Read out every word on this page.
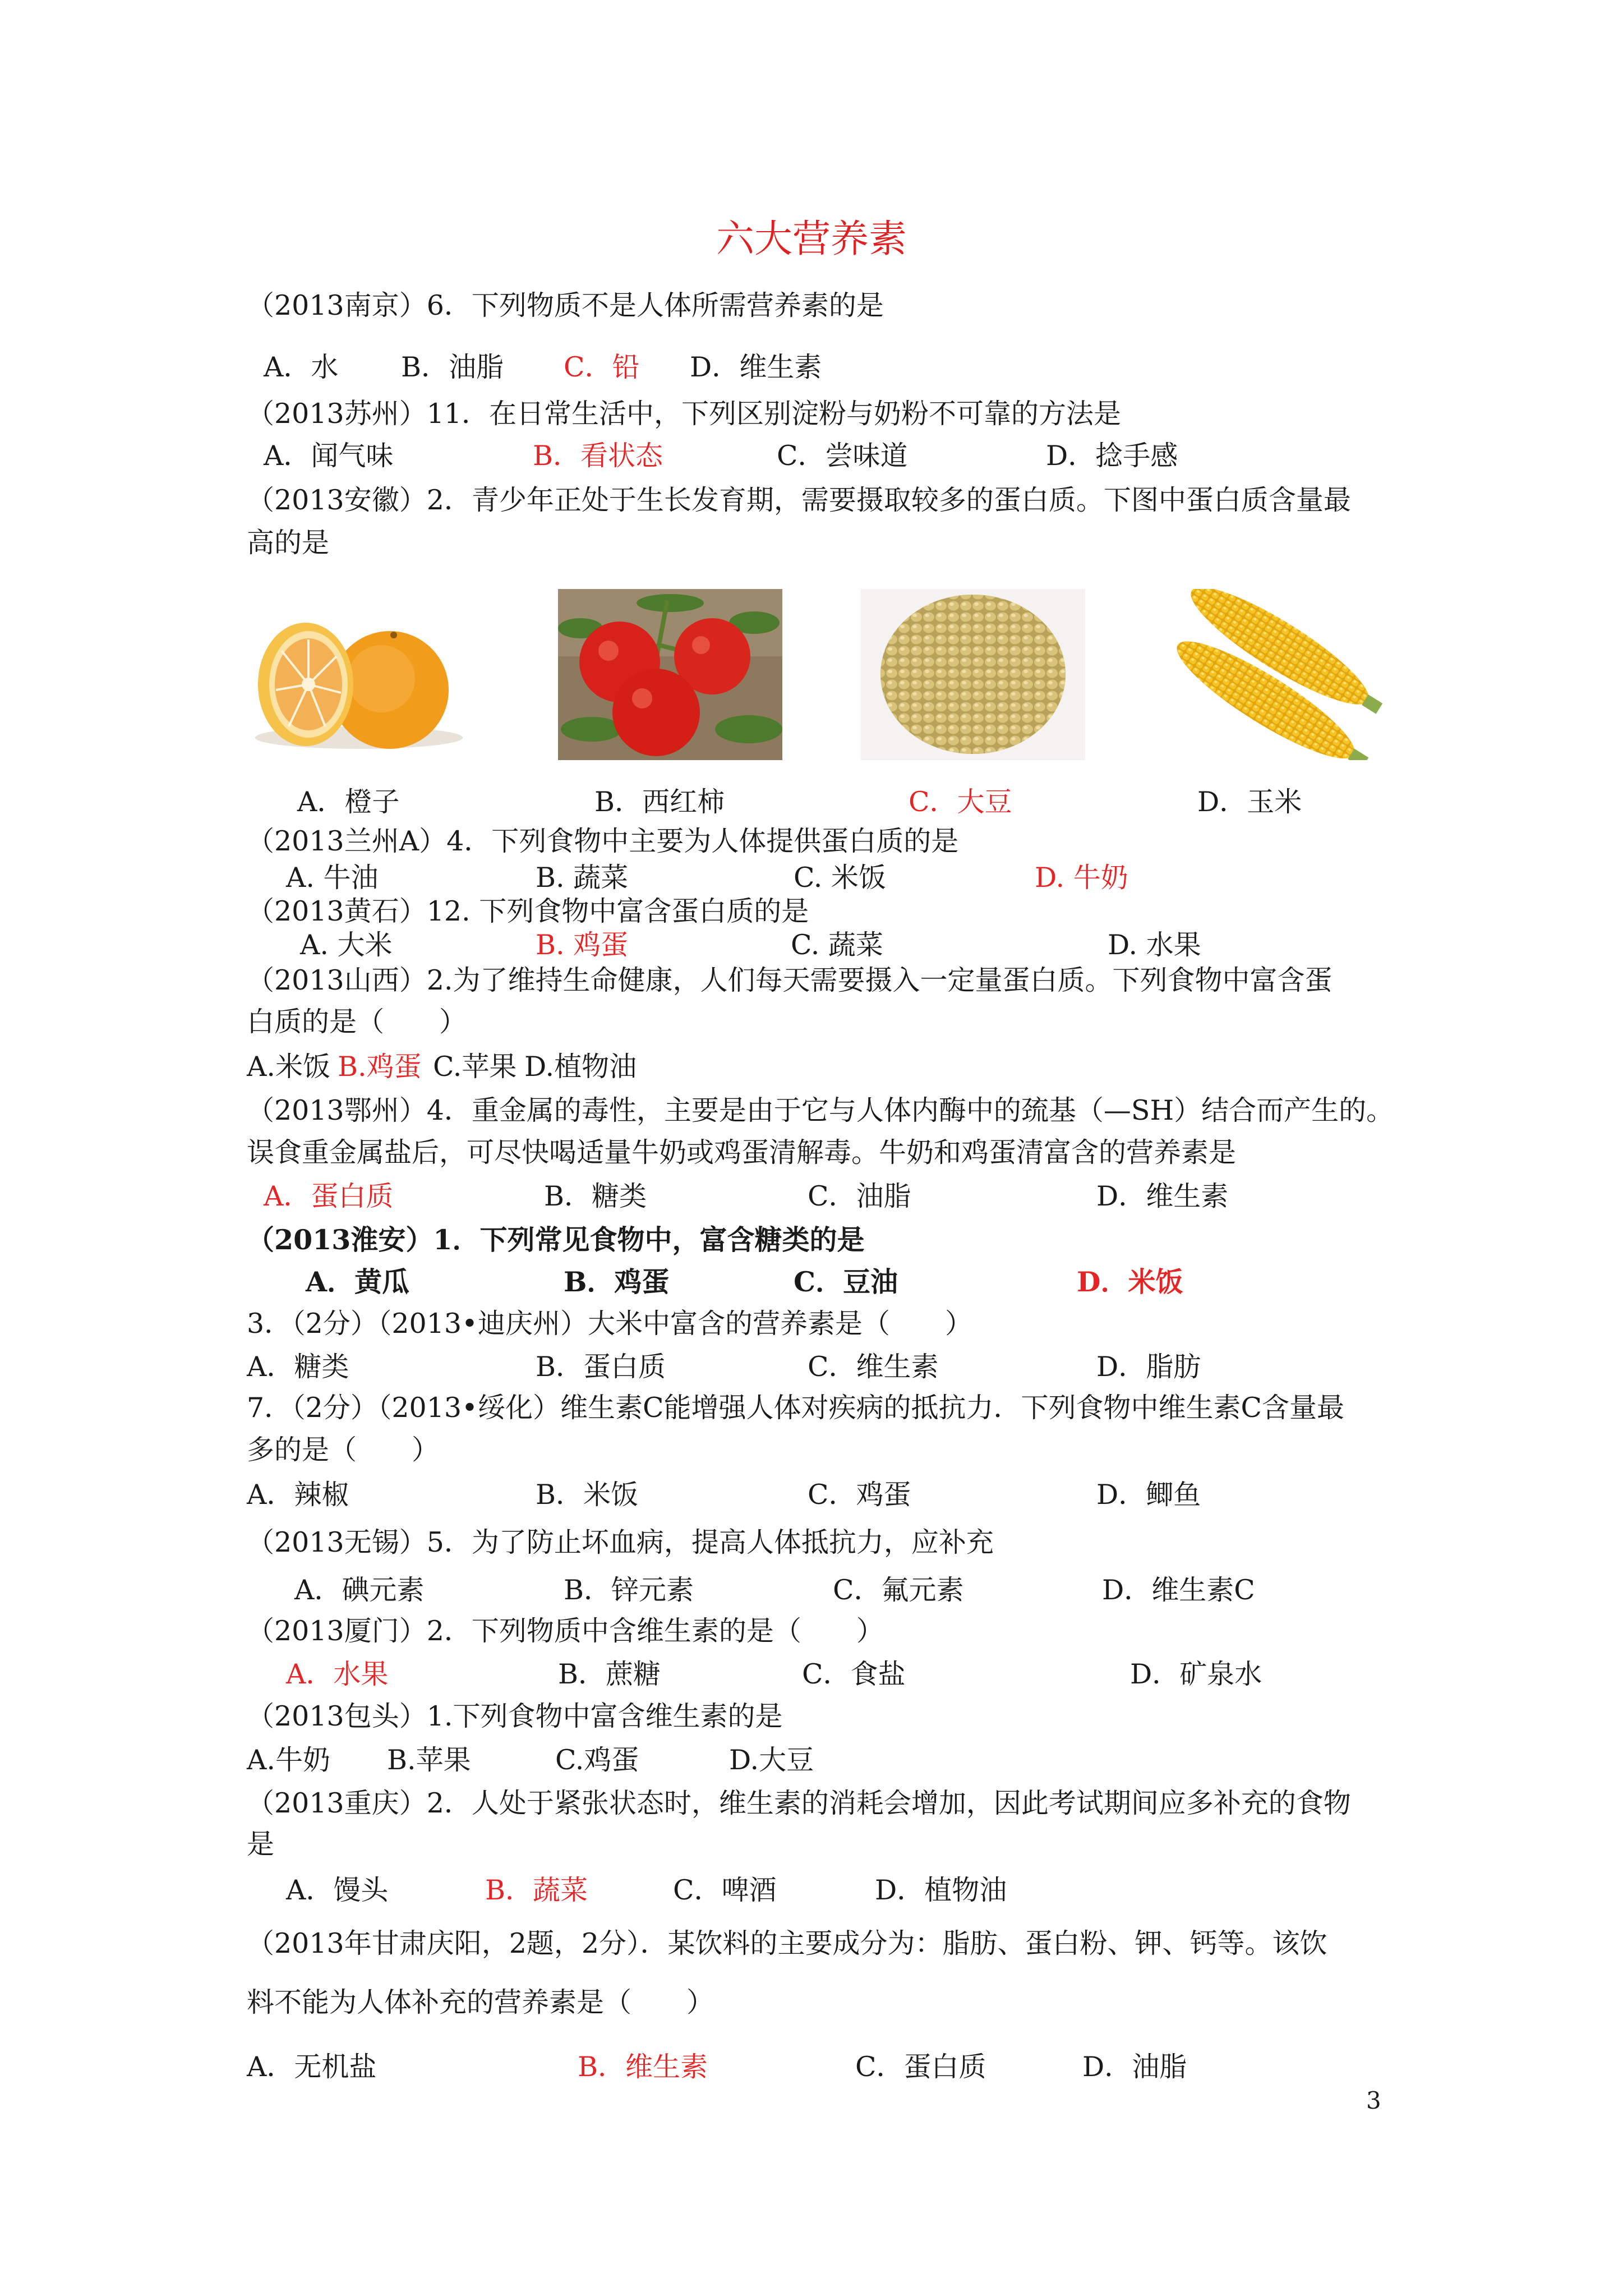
六大营养素
（2013南京）6．下列物质不是人体所需营养素的是
A．水 B．油脂 C．铅 D．维生素
（2013苏州）11．在日常生活中，下列区别淀粉与奶粉不可靠的方法是
A．闻气味	B．看状态	C．尝味道	D．捻手感
（2013安徽）2．青少年正处于生长发育期，需要摄取较多的蛋白质。下图中蛋白质含量最
高的是
A．橙子	B．西红柿	C．大豆	D．玉米
（2013兰州A）4．下列食物中主要为人体提供蛋白质的是
A. 牛油	B. 蔬菜	C. 米饭	D. 牛奶
（2013黄石）12. 下列食物中富含蛋白质的是
A. 大米	B. 鸡蛋	C. 蔬菜	D. 水果
（2013山西）2.为了维持生命健康，人们每天需要摄入一定量蛋白质。下列食物中富含蛋
白质的是（　　）
A.米饭 B.鸡蛋 C.苹果 D.植物油
（2013鄂州）4．重金属的毒性，主要是由于它与人体内酶中的巯基（—SH）结合而产生的。
误食重金属盐后，可尽快喝适量牛奶或鸡蛋清解毒。牛奶和鸡蛋清富含的营养素是
A．蛋白质	B．糖类	C．油脂	D．维生素
（2013淮安）1．下列常见食物中，富含糖类的是
A．黄瓜	B．鸡蛋	C．豆油	D．米饭
3．（2分）（2013•迪庆州）大米中富含的营养素是（　　）
A．糖类	B．蛋白质	C．维生素	D．脂肪
7．（2分）（2013•绥化）维生素C能增强人体对疾病的抵抗力．下列食物中维生素C含量最
多的是（　　）
A．辣椒	B．米饭	C．鸡蛋	D．鲫鱼
（2013无锡）5．为了防止坏血病，提高人体抵抗力，应补充
A．碘元素	B．锌元素	C．氟元素	D．维生素C
（2013厦门）2．下列物质中含维生素的是（　　）
A．水果	B．蔗糖	C．食盐	D．矿泉水
（2013包头）1.下列食物中富含维生素的是
A.牛奶 B.苹果	C.鸡蛋	D.大豆
（2013重庆）2．人处于紧张状态时，维生素的消耗会增加，因此考试期间应多补充的食物
是
A．馒头	B．蔬菜	C．啤酒	D．植物油
（2013年甘肃庆阳，2题，2分）．某饮料的主要成分为：脂肪、蛋白粉、钾、钙等。该饮
料不能为人体补充的营养素是（　　）
A．无机盐	B．维生素	C．蛋白质	D．油脂
3
